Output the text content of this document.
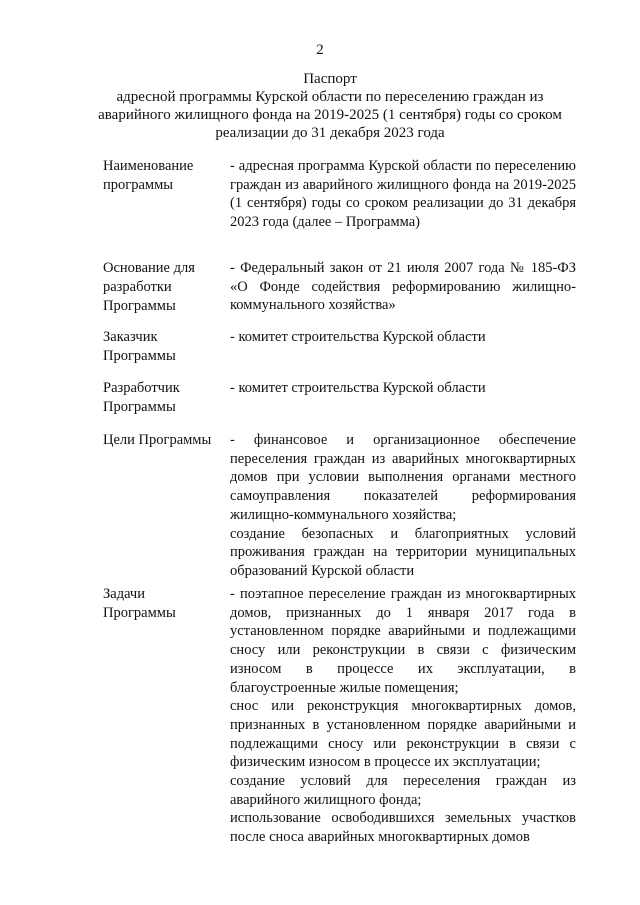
2
Паспорт
адресной программы Курской области по переселению граждан из
аварийного жилищного фонда на 2019-2025 (1 сентября) годы со сроком
реализации до 31 декабря 2023 года
Наименование
программы
- адресная программа Курской области по переселению граждан из аварийного жилищного фонда на 2019-2025 (1 сентября) годы со сроком реализации до 31 декабря 2023 года (далее – Программа)
Основание для
разработки
Программы
- Федеральный закон от 21 июля 2007 года № 185-ФЗ «О Фонде содействия реформированию жилищно-коммунального хозяйства»
Заказчик
Программы
- комитет строительства Курской области
Разработчик
Программы
- комитет строительства Курской области
Цели Программы	- финансовое и организационное обеспечение переселения граждан из аварийных многоквартирных домов при условии выполнения органами местного самоуправления показателей реформирования жилищно-коммунального хозяйства;
создание безопасных и благоприятных условий проживания граждан на территории муниципальных образований Курской области
Задачи
Программы
- поэтапное переселение граждан из многоквартирных домов, признанных до 1 января 2017 года в установленном порядке аварийными и подлежащими сносу или реконструкции в связи с физическим износом в процессе их эксплуатации, в благоустроенные жилые помещения;
снос или реконструкция многоквартирных домов, признанных в установленном порядке аварийными и подлежащими сносу или реконструкции в связи с физическим износом в процессе их эксплуатации;
создание условий для переселения граждан из аварийного жилищного фонда;
использование освободившихся земельных участков после сноса аварийных многоквартирных домов
